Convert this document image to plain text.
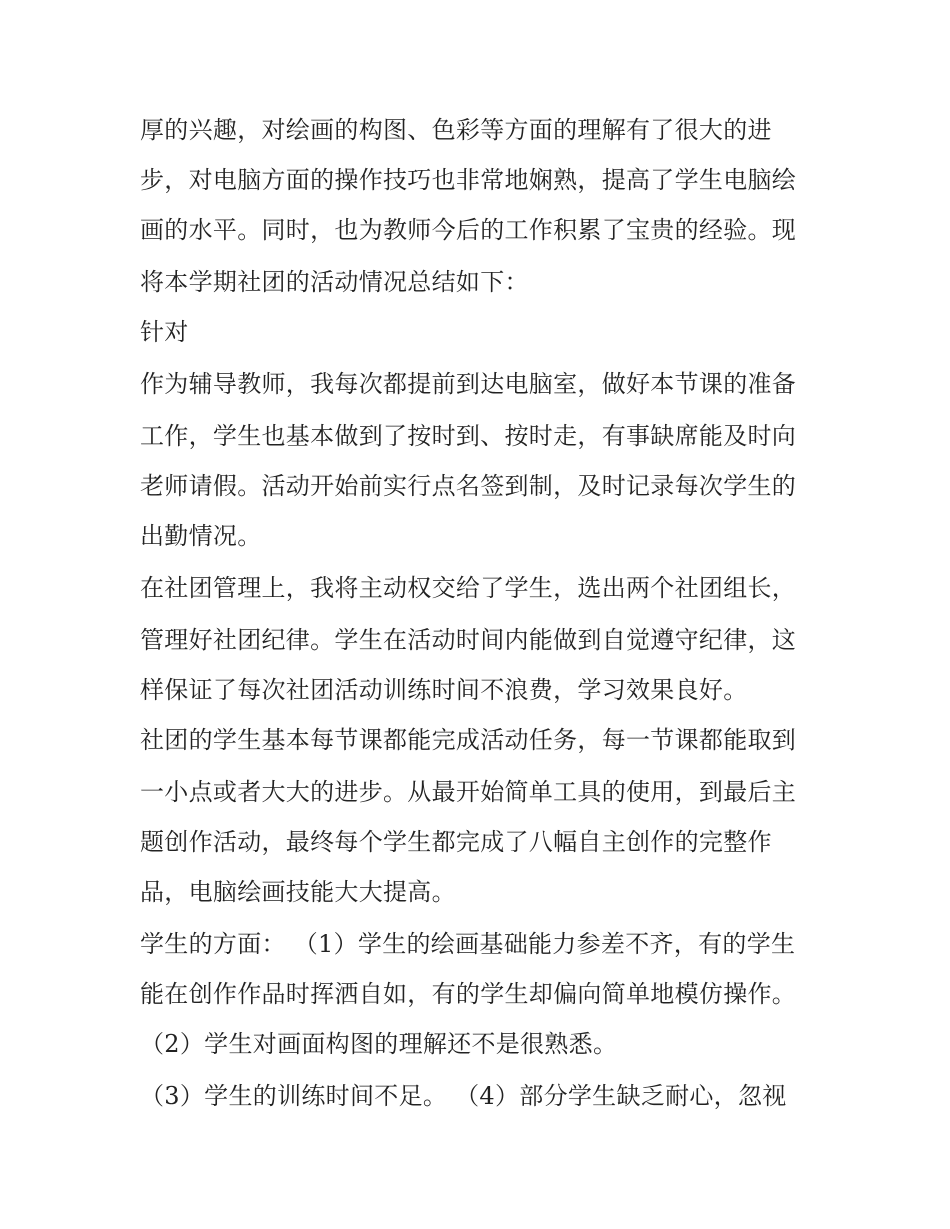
厚的兴趣，对绘画的构图、色彩等方面的理解有了很大的进

步，对电脑方面的操作技巧也非常地娴熟，提高了学生电脑绘

画的水平。同时，也为教师今后的工作积累了宝贵的经验。现

将本学期社团的活动情况总结如下：

针对

作为辅导教师，我每次都提前到达电脑室，做好本节课的准备

工作，学生也基本做到了按时到、按时走，有事缺席能及时向

老师请假。活动开始前实行点名签到制，及时记录每次学生的

出勤情况。

在社团管理上，我将主动权交给了学生，选出两个社团组长，

管理好社团纪律。学生在活动时间内能做到自觉遵守纪律，这

样保证了每次社团活动训练时间不浪费，学习效果良好。

社团的学生基本每节课都能完成活动任务，每一节课都能取到

一小点或者大大的进步。从最开始简单工具的使用，到最后主

题创作活动，最终每个学生都完成了八幅自主创作的完整作

品，电脑绘画技能大大提高。

学生的方面： （1）学生的绘画基础能力参差不齐，有的学生

能在创作作品时挥洒自如，有的学生却偏向简单地模仿操作。

（2）学生对画面构图的理解还不是很熟悉。

（3）学生的训练时间不足。 （4）部分学生缺乏耐心，忽视
